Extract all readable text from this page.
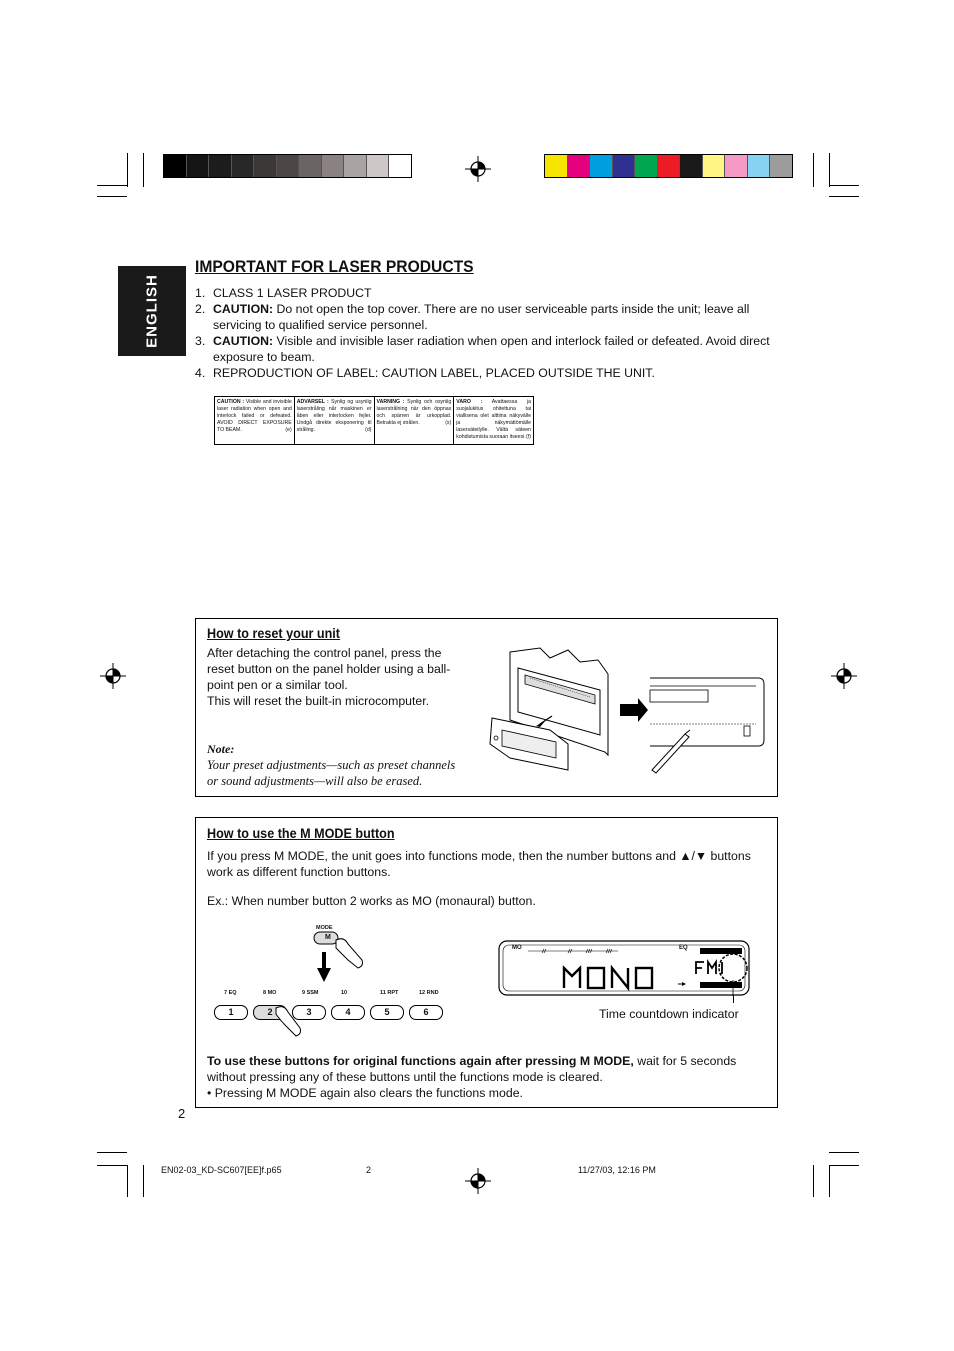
ENGLISH
IMPORTANT FOR LASER PRODUCTS
1. CLASS 1 LASER PRODUCT
2. CAUTION: Do not open the top cover. There are no user serviceable parts inside the unit; leave all servicing to qualified service personnel.
3. CAUTION: Visible and invisible laser radiation when open and interlock failed or defeated. Avoid direct exposure to beam.
4. REPRODUCTION OF LABEL: CAUTION LABEL, PLACED OUTSIDE THE UNIT.
CAUTION : Visible and invisible laser radiation when open and interlock failed or defeated. AVOID DIRECT EXPOSURE TO BEAM.	(e)
ADVARSEL : Synlig og usynlig laserstråling når maskinen er åben eller interlocken fejler. Undgå direkte eksponering til stråling.	(d)
VARNING : Synlig och osynlig laserstrålning när den öppnas och spärren är urkopplad. Betrakta ej strålen.	(s)
VARO : Avattaessa ja suojalukitus ohitettuna tai viallisena olet alttiina näkyvälle ja näkymättömälle lasersäteilylle. Vältä säteen kohdistumista suoraan itseesi. (f)
How to reset your unit
After detaching the control panel, press the
reset button on the panel holder using a ball-
point pen or a similar tool.
This will reset the built-in microcomputer.
Note:
Your preset adjustments—such as preset channels
or sound adjustments—will also be erased.
How to use the M MODE button
If you press M MODE, the unit goes into functions mode, then the number buttons and ▲/▼ buttons
work as different function buttons.
Ex.: When number button 2 works as MO (monaural) button.
MODE
M
7 EQ
1
8 MO
2
9 SSM
3
10
4
11 RPT
5
12 RND
6
MO	EQ
Time countdown indicator
To use these buttons for original functions again after pressing M MODE, wait for 5 seconds
without pressing any of these buttons until the functions mode is cleared.
• Pressing M MODE again also clears the functions mode.
2
EN02-03_KD-SC607[EE]f.p65	2	11/27/03, 12:16 PM
